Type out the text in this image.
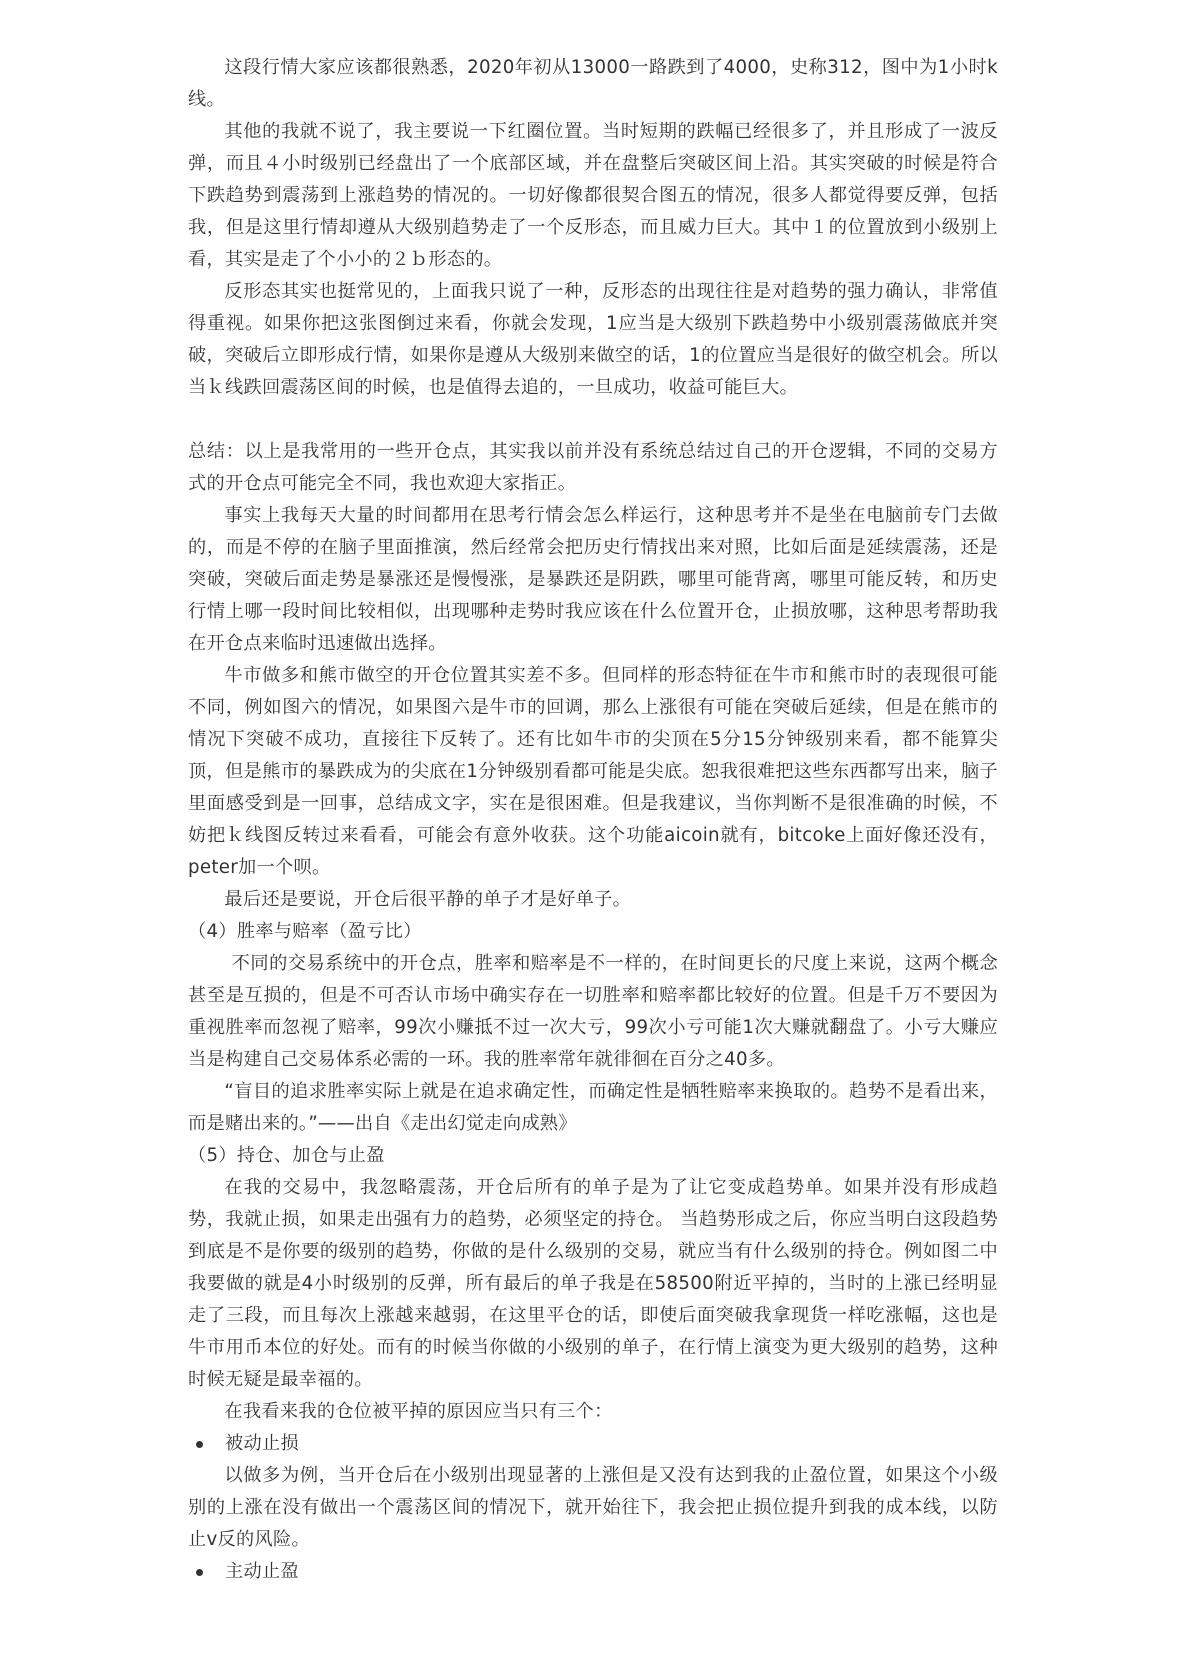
这段行情大家应该都很熟悉，2020年初从13000一路跌到了4000，史称312，图中为1小时k线。

其他的我就不说了，我主要说一下红圈位置。当时短期的跌幅已经很多了，并且形成了一波反弹，而且４小时级别已经盘出了一个底部区域，并在盘整后突破区间上沿。其实突破的时候是符合下跌趋势到震荡到上涨趋势的情况的。一切好像都很契合图五的情况，很多人都觉得要反弹，包括我，但是这里行情却遵从大级别趋势走了一个反形态，而且威力巨大。其中１的位置放到小级别上看，其实是走了个小小的２ｂ形态的。

反形态其实也挺常见的，上面我只说了一种，反形态的出现往往是对趋势的强力确认，非常值得重视。如果你把这张图倒过来看，你就会发现，1应当是大级别下跌趋势中小级别震荡做底并突破，突破后立即形成行情，如果你是遵从大级别来做空的话，1的位置应当是很好的做空机会。所以当ｋ线跌回震荡区间的时候，也是值得去追的，一旦成功，收益可能巨大。

总结：以上是我常用的一些开仓点，其实我以前并没有系统总结过自己的开仓逻辑，不同的交易方式的开仓点可能完全不同，我也欢迎大家指正。

事实上我每天大量的时间都用在思考行情会怎么样运行，这种思考并不是坐在电脑前专门去做的，而是不停的在脑子里面推演，然后经常会把历史行情找出来对照，比如后面是延续震荡，还是突破，突破后面走势是暴涨还是慢慢涨，是暴跌还是阴跌，哪里可能背离，哪里可能反转，和历史行情上哪一段时间比较相似，出现哪种走势时我应该在什么位置开仓，止损放哪，这种思考帮助我在开仓点来临时迅速做出选择。

牛市做多和熊市做空的开仓位置其实差不多。但同样的形态特征在牛市和熊市时的表现很可能不同，例如图六的情况，如果图六是牛市的回调，那么上涨很有可能在突破后延续，但是在熊市的情况下突破不成功，直接往下反转了。还有比如牛市的尖顶在5分15分钟级别来看，都不能算尖顶，但是熊市的暴跌成为的尖底在1分钟级别看都可能是尖底。恕我很难把这些东西都写出来，脑子里面感受到是一回事，总结成文字，实在是很困难。但是我建议，当你判断不是很准确的时候，不妨把ｋ线图反转过来看看，可能会有意外收获。这个功能aicoin就有，bitcoke上面好像还没有，peter加一个呗。

最后还是要说，开仓后很平静的单子才是好单子。

（4）胜率与赔率（盈亏比）

不同的交易系统中的开仓点，胜率和赔率是不一样的，在时间更长的尺度上来说，这两个概念甚至是互损的，但是不可否认市场中确实存在一切胜率和赔率都比较好的位置。但是千万不要因为重视胜率而忽视了赔率，99次小赚抵不过一次大亏，99次小亏可能1次大赚就翻盘了。小亏大赚应当是构建自己交易体系必需的一环。我的胜率常年就徘徊在百分之40多。

“盲目的追求胜率实际上就是在追求确定性，而确定性是牺牲赔率来换取的。趋势不是看出来，而是赌出来的。”——出自《走出幻觉走向成熟》

（5）持仓、加仓与止盈

在我的交易中，我忽略震荡，开仓后所有的单子是为了让它变成趋势单。如果并没有形成趋势，我就止损，如果走出强有力的趋势，必须坚定的持仓。 当趋势形成之后，你应当明白这段趋势到底是不是你要的级别的趋势，你做的是什么级别的交易，就应当有什么级别的持仓。例如图二中我要做的就是4小时级别的反弹，所有最后的单子我是在58500附近平掉的，当时的上涨已经明显走了三段，而且每次上涨越来越弱，在这里平仓的话，即使后面突破我拿现货一样吃涨幅，这也是牛市用币本位的好处。而有的时候当你做的小级别的单子，在行情上演变为更大级别的趋势，这种时候无疑是最幸福的。

在我看来我的仓位被平掉的原因应当只有三个：

被动止损

以做多为例，当开仓后在小级别出现显著的上涨但是又没有达到我的止盈位置，如果这个小级别的上涨在没有做出一个震荡区间的情况下，就开始往下，我会把止损位提升到我的成本线，以防止v反的风险。

主动止盈
